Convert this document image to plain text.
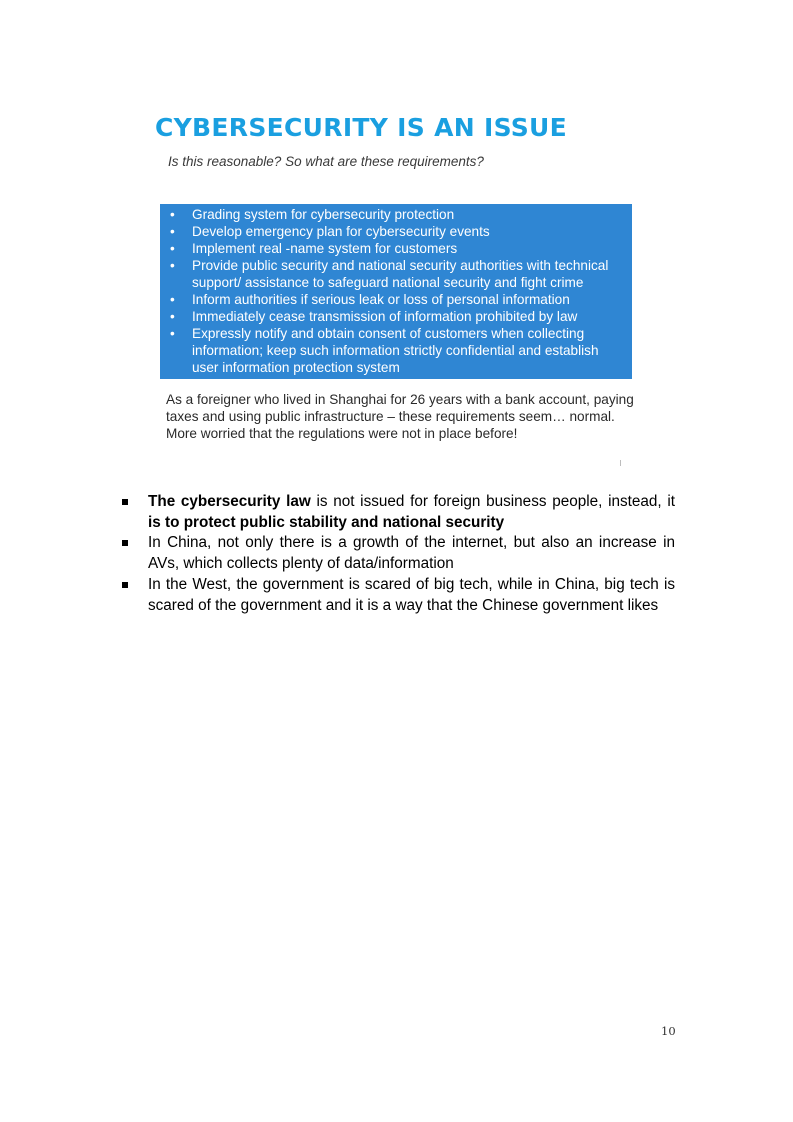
CYBERSECURITY IS AN ISSUE
Is this reasonable? So what are these requirements?
• Grading system for cybersecurity protection
• Develop emergency plan for cybersecurity events
• Implement real -name system for customers
• Provide public security and national security authorities with technical support/ assistance to safeguard national security and fight crime
• Inform authorities if serious leak or loss of personal information
• Immediately cease transmission of information prohibited by law
• Expressly notify and obtain consent of customers when collecting information; keep such information strictly confidential and establish user information protection system

As a foreigner who lived in Shanghai for 26 years with a bank account, paying taxes and using public infrastructure – these requirements seem… normal. More worried that the regulations were not in place before!

The cybersecurity law is not issued for foreign business people, instead, it is to protect public stability and national security
In China, not only there is a growth of the internet, but also an increase in AVs, which collects plenty of data/information
In the West, the government is scared of big tech, while in China, big tech is scared of the government and it is a way that the Chinese government likes
10
